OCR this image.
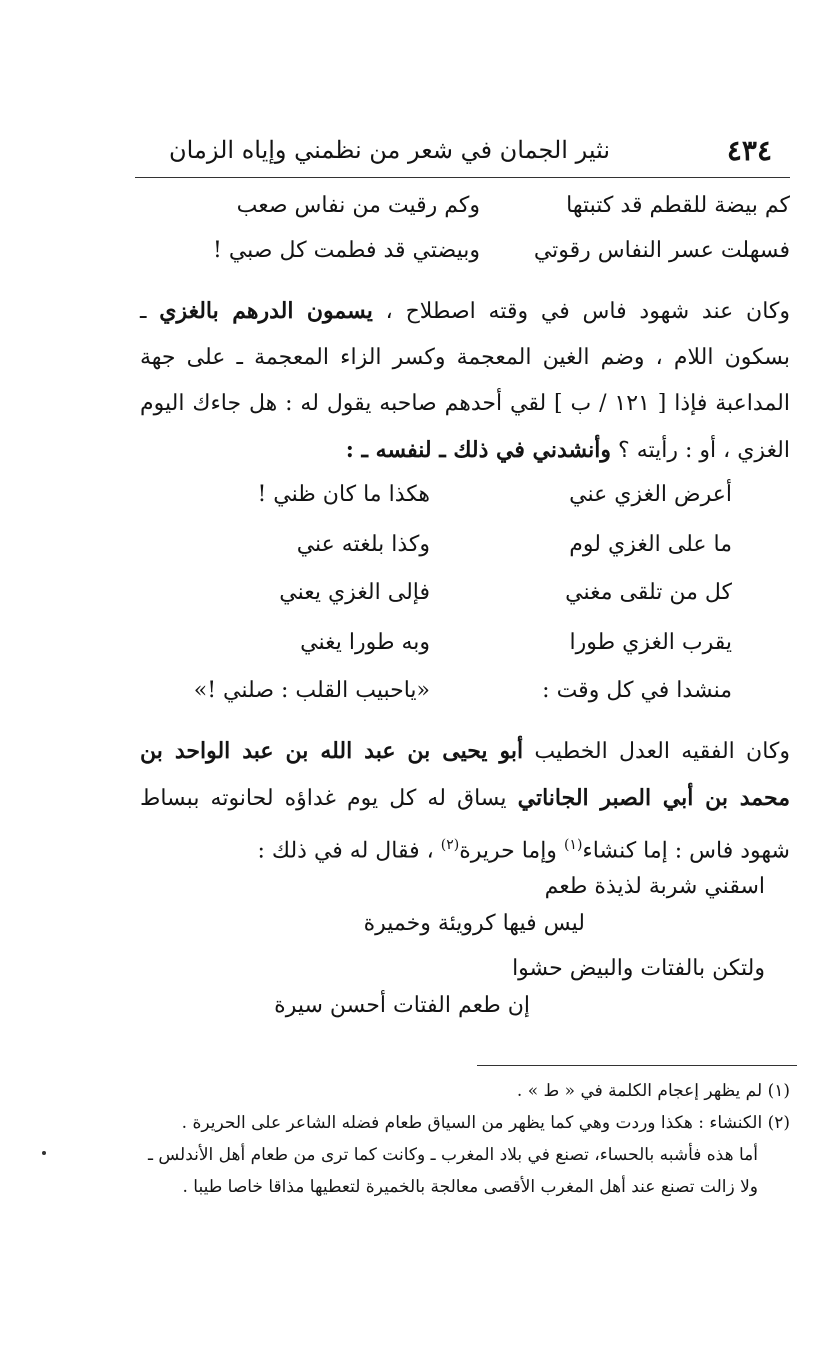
٤٣٤
نثير الجمان في شعر من نظمني وإياه الزمان
كم بيضة للقطم قد كتبتها
وكم رقيت من نفاس صعب
فسهلت عسر النفاس رقوتي
وبيضتي قد فطمت كل صبي !
وكان عند شهود فاس في وقته اصطلاح ، يسمون الدرهم بالغزي ـ بسكون اللام ، وضم الغين المعجمة وكسر الزاء المعجمة ـ على جهة المداعبة فإذا [ ١٢١ / ب ] لقي أحدهم صاحبه يقول له : هل جاءك اليوم الغزي ، أو : رأيته ؟ وأنشدني في ذلك ـ لنفسه ـ :
أعرض الغزي عني
هكذا ما كان ظني !
ما على الغزي لوم
وكذا بلغته عني
كل من تلقى مغني
فإلى الغزي يعني
يقرب الغزي طورا
وبه طورا يغني
منشدا في كل وقت :
«ياحبيب القلب : صلني !»
وكان الفقيه العدل الخطيب أبو يحيى بن عبد الله بن عبد الواحد بن محمد بن أبي الصبر الجاناتي يساق له كل يوم غداؤه لحانوته ببساط شهود فاس : إما كنشاء$^{(١)}$ وإما حريرة$^{(٢)}$ ، فقال له في ذلك :
اسقني شربة لذيذة طعم
ليس فيها كرويئة وخميرة
ولتكن بالفتات والبيض حشوا
إن طعم الفتات أحسن سيرة
(١) لم يظهر إعجام الكلمة في « ط » .
(٢) الكنشاء : هكذا وردت وهي كما يظهر من السياق طعام فضله الشاعر على الحريرة .
أما هذه فأشبه بالحساء، تصنع في بلاد المغرب ـ وكانت كما ترى من طعام أهل الأندلس ـ
ولا زالت تصنع عند أهل المغرب الأقصى معالجة بالخميرة لتعطيها مذاقا خاصا طيبا .
